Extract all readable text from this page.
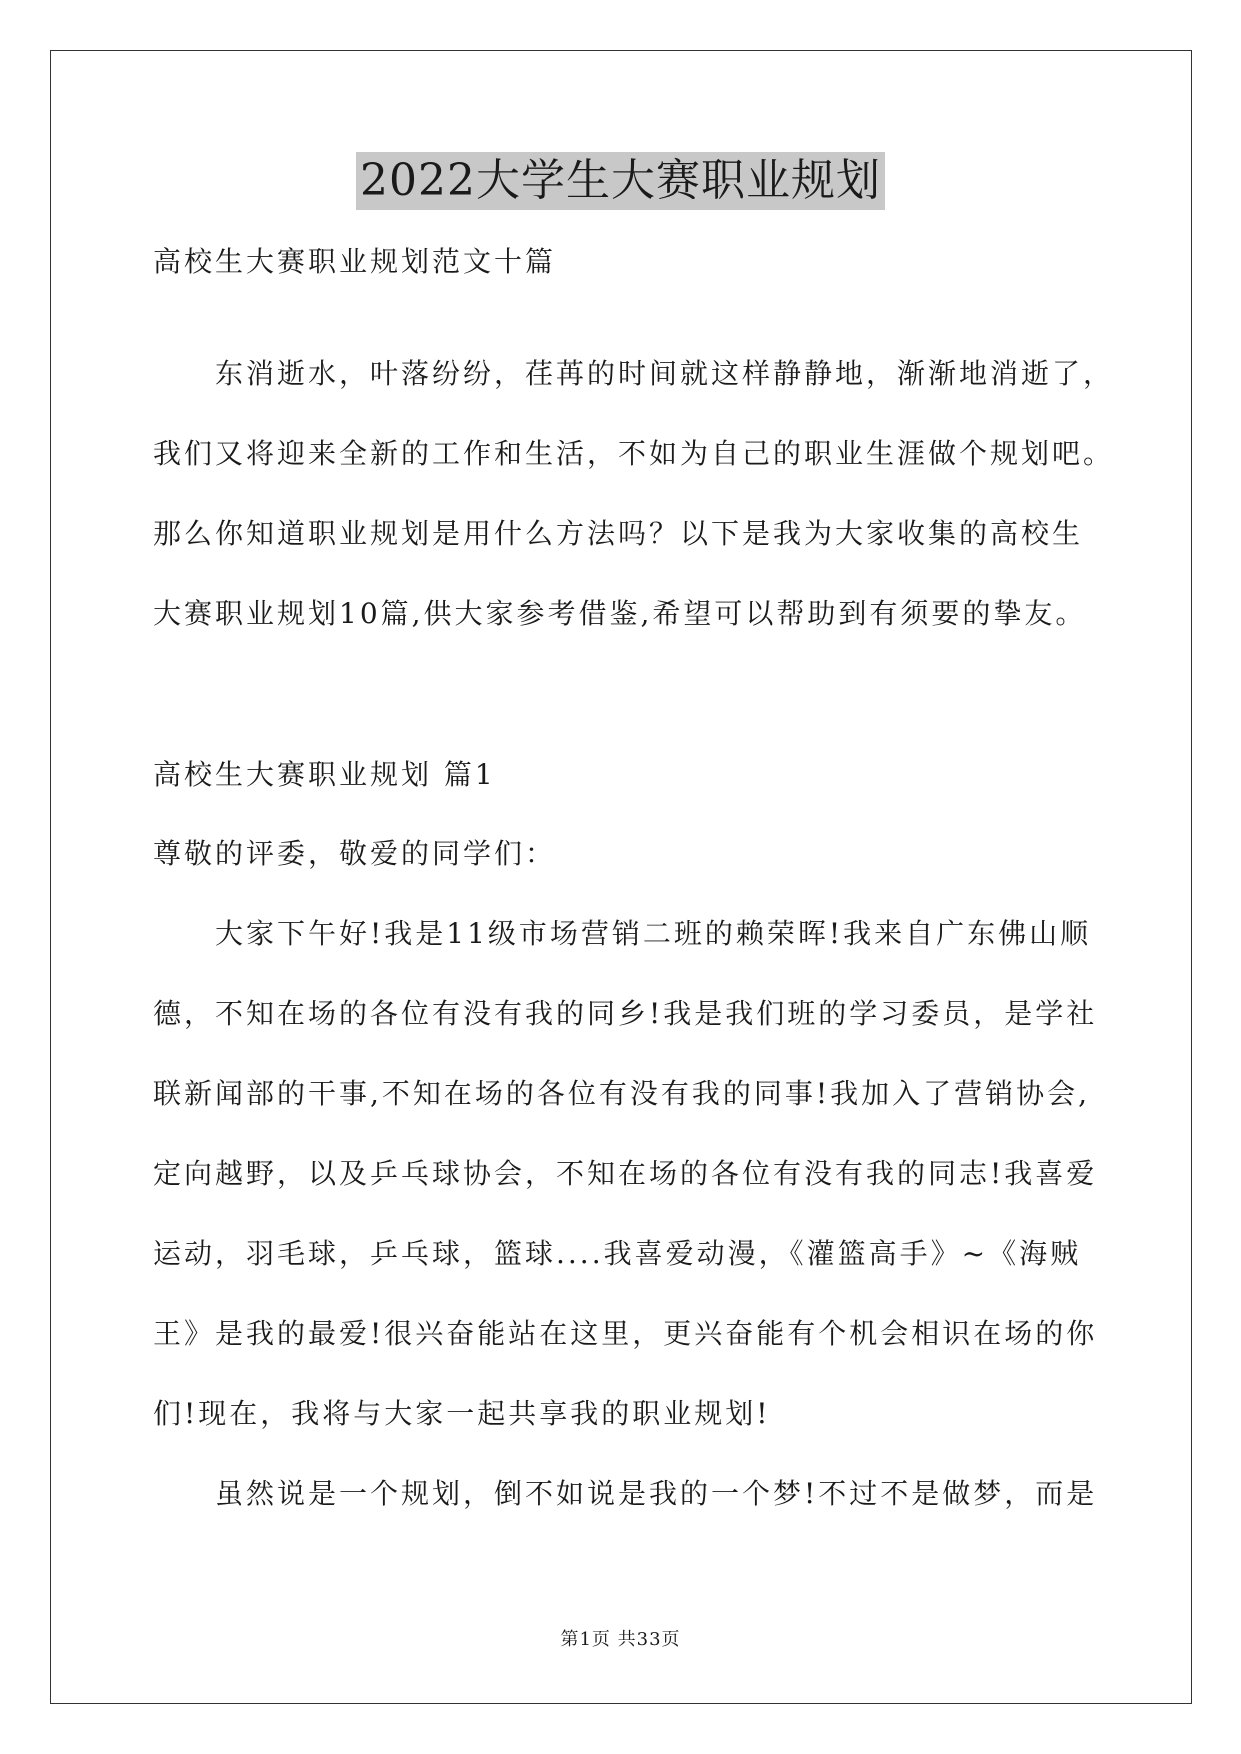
2022大学生大赛职业规划
高校生大赛职业规划范文十篇
东消逝水，叶落纷纷，荏苒的时间就这样静静地，渐渐地消逝了，
我们又将迎来全新的工作和生活，不如为自己的职业生涯做个规划吧。
那么你知道职业规划是用什么方法吗？以下是我为大家收集的高校生
大赛职业规划10篇,供大家参考借鉴,希望可以帮助到有须要的挚友。
高校生大赛职业规划 篇1
尊敬的评委，敬爱的同学们：
大家下午好!我是11级市场营销二班的赖荣晖!我来自广东佛山顺
德，不知在场的各位有没有我的同乡!我是我们班的学习委员，是学社
联新闻部的干事,不知在场的各位有没有我的同事!我加入了营销协会,
定向越野，以及乒乓球协会，不知在场的各位有没有我的同志!我喜爱
运动，羽毛球，乒乓球，篮球....我喜爱动漫，《灌篮高手》~《海贼
王》是我的最爱!很兴奋能站在这里，更兴奋能有个机会相识在场的你
们!现在，我将与大家一起共享我的职业规划!
虽然说是一个规划，倒不如说是我的一个梦!不过不是做梦，而是
第1页 共33页
